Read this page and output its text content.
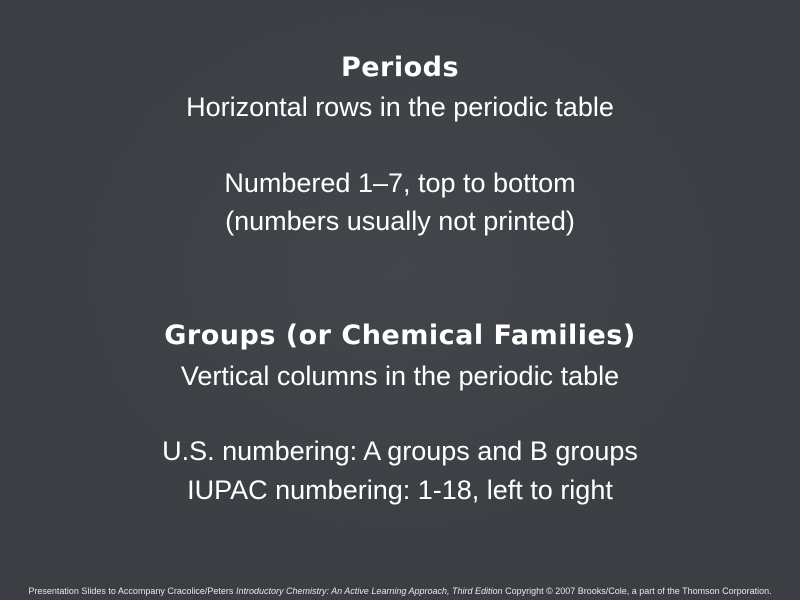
Periods
Horizontal rows in the periodic table
Numbered 1–7, top to bottom
(numbers usually not printed)
Groups (or Chemical Families)
Vertical columns in the periodic table
U.S. numbering: A groups and B groups
IUPAC numbering: 1-18, left to right
Presentation Slides to Accompany Cracolice/Peters Introductory Chemistry: An Active Learning Approach, Third Edition Copyright © 2007 Brooks/Cole, a part of the Thomson Corporation.
